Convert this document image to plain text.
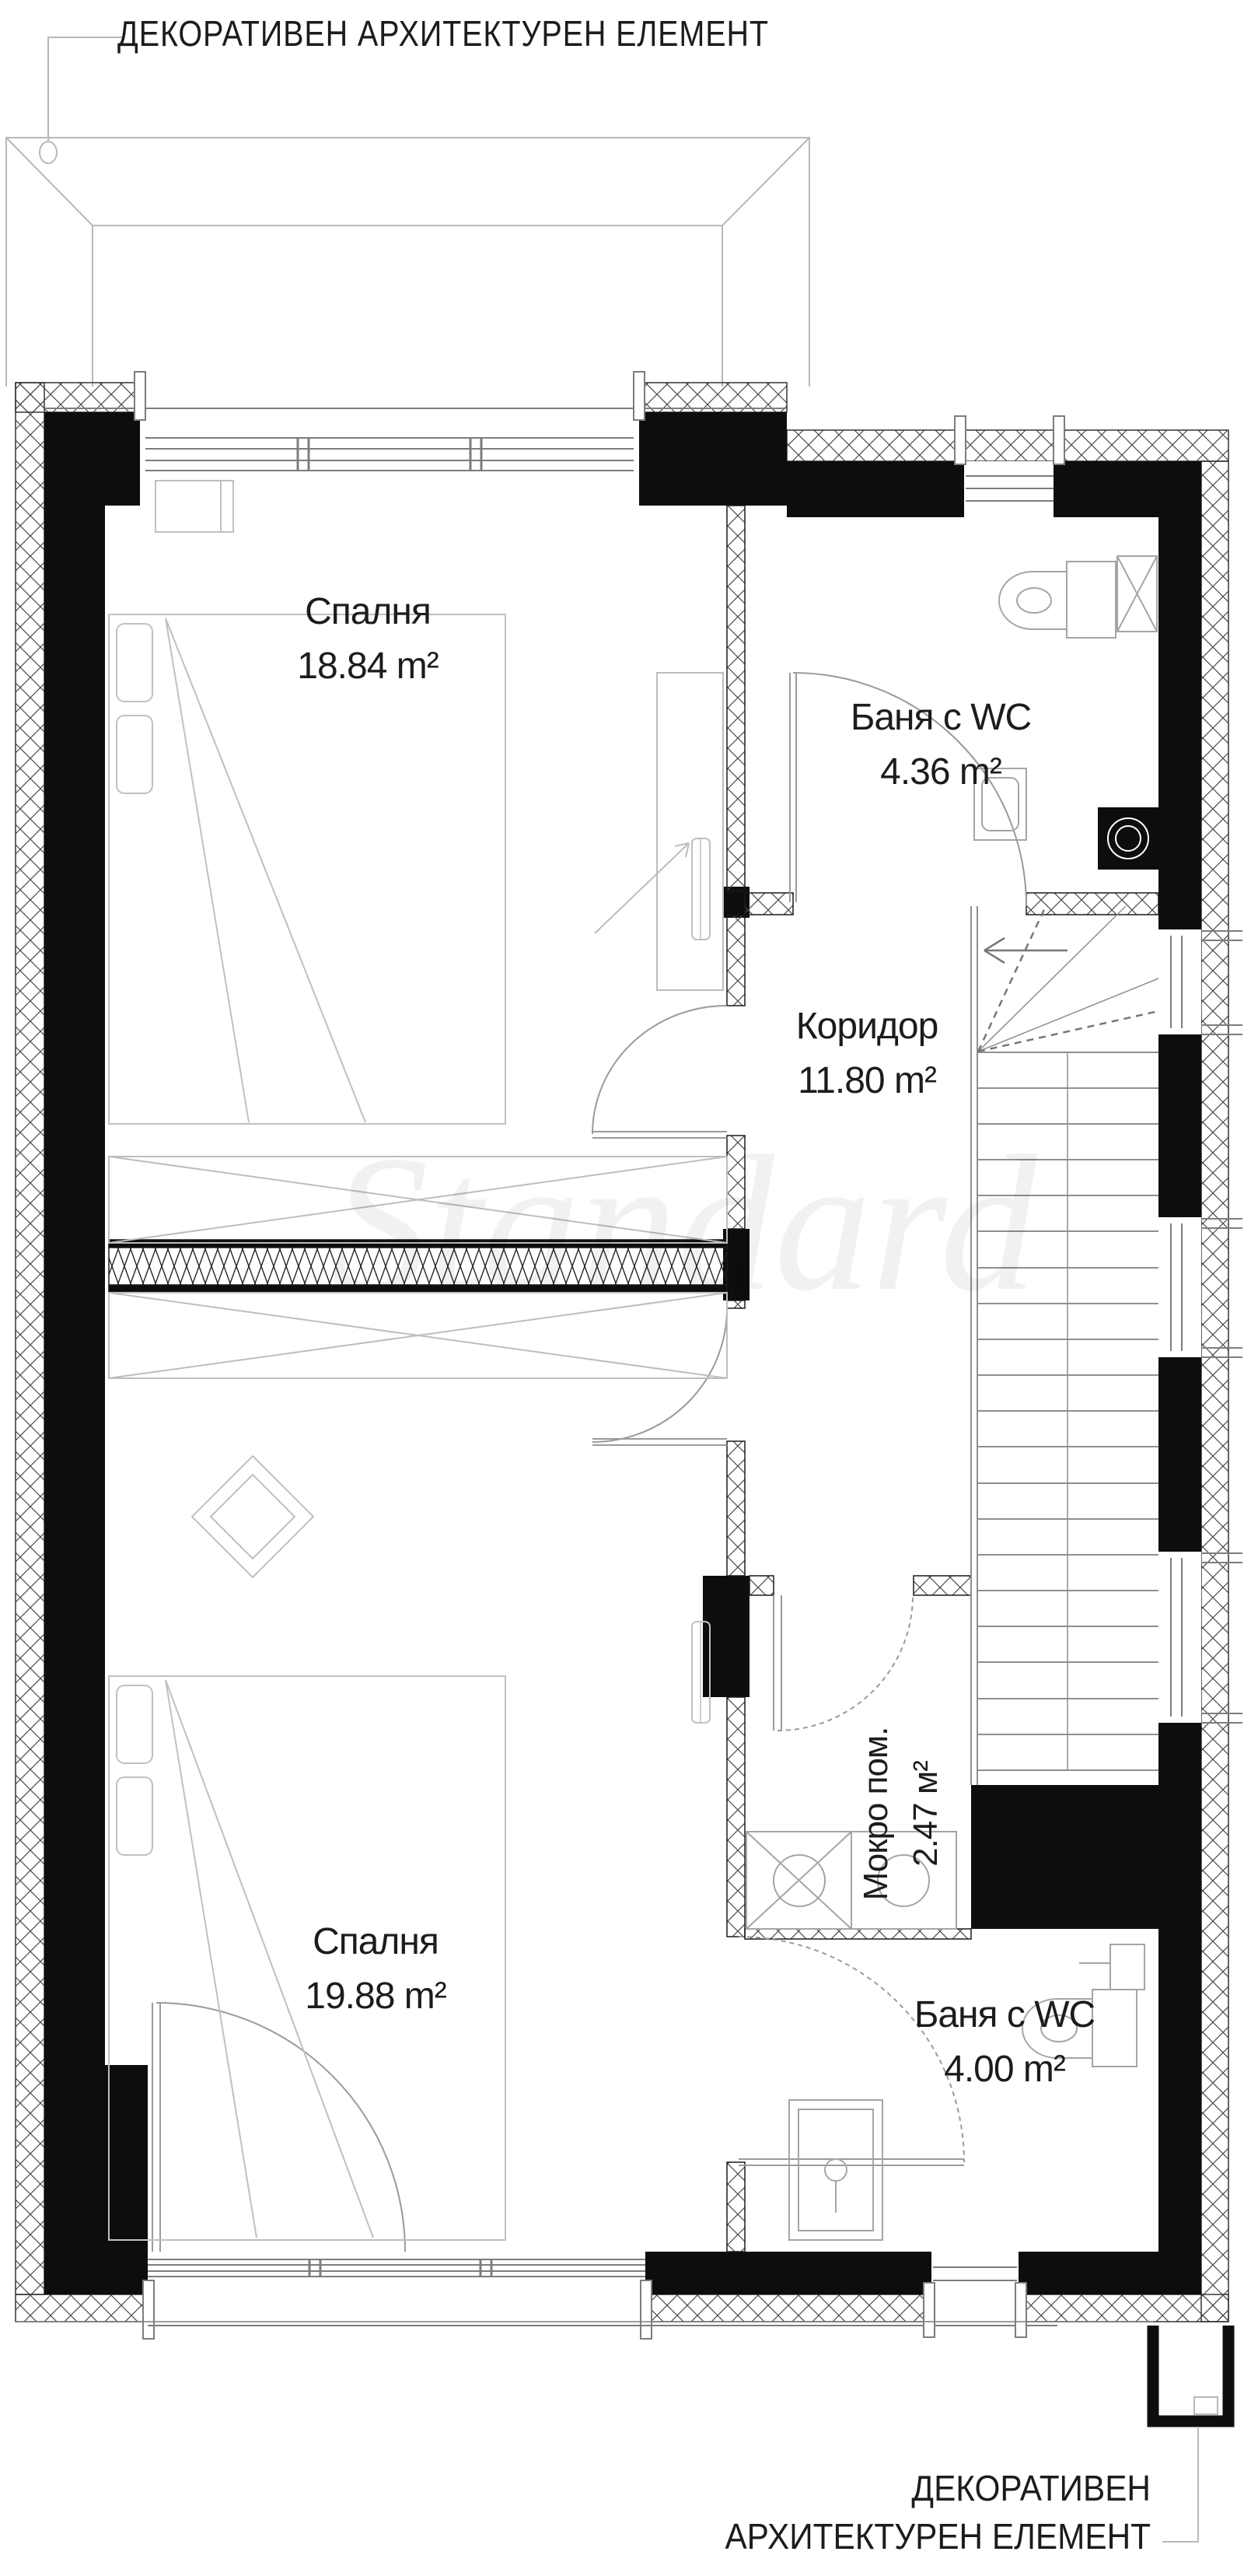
Standard
ДЕКОРАТИВЕН АРХИТЕКТУРЕН ЕЛЕМЕНТ
Спалня
18.84 m²
Баня с WC
4.36 m²
Коридор
11.80 m²
Спалня
19.88 m²
Мокро пом. 2.47 м²
Баня с WC
4.00 m²
ДЕКОРАТИВЕН
АРХИТЕКТУРЕН ЕЛЕМЕНТ
